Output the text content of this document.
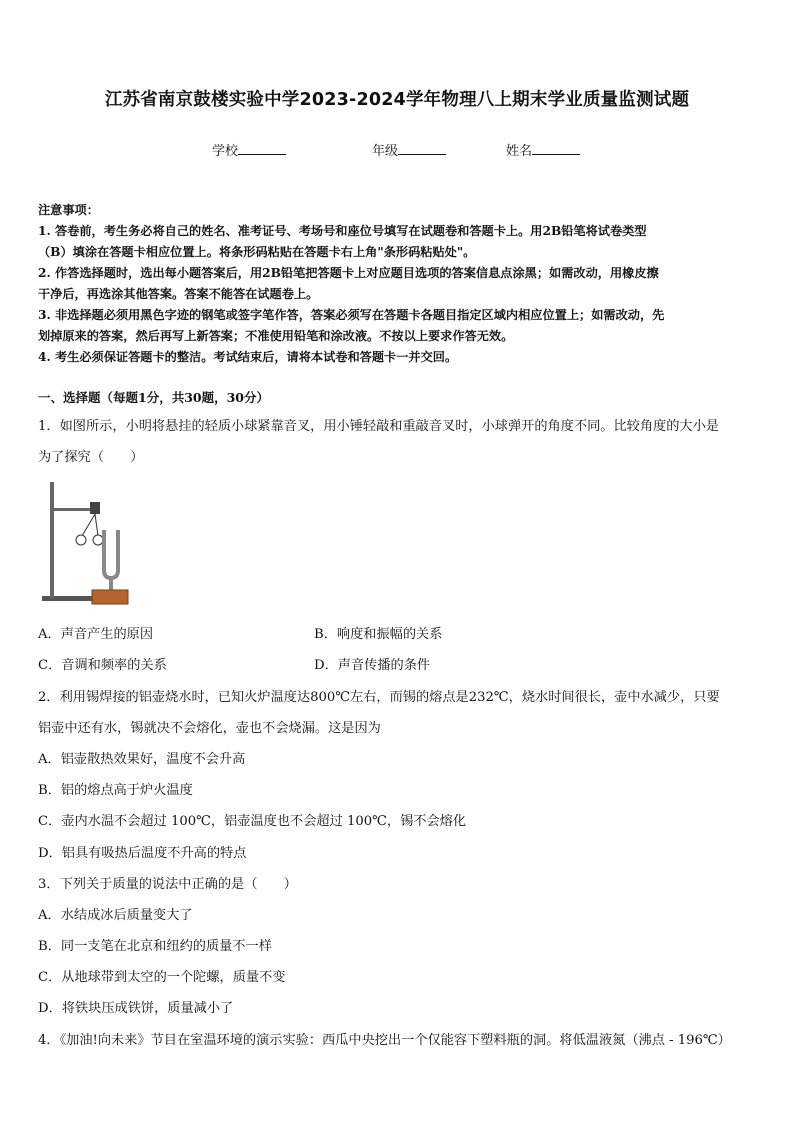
江苏省南京鼓楼实验中学2023-2024学年物理八上期末学业质量监测试题
学校	年级	姓名

注意事项：

1. 答卷前，考生务必将自己的姓名、准考证号、考场号和座位号填写在试题卷和答题卡上。用2B铅笔将试卷类型

（B）填涂在答题卡相应位置上。将条形码粘贴在答题卡右上角"条形码粘贴处"。

2. 作答选择题时，选出每小题答案后，用2B铅笔把答题卡上对应题目选项的答案信息点涂黑；如需改动，用橡皮擦

干净后，再选涂其他答案。答案不能答在试题卷上。

3. 非选择题必须用黑色字迹的钢笔或签字笔作答，答案必须写在答题卡各题目指定区域内相应位置上；如需改动，先

划掉原来的答案，然后再写上新答案；不准使用铅笔和涂改液。不按以上要求作答无效。

4. 考生必须保证答题卡的整洁。考试结束后，请将本试卷和答题卡一并交回。

一、选择题（每题1分，共30题，30分）
1．如图所示，小明将悬挂的轻质小球紧靠音叉，用小锤轻敲和重敲音叉时，小球弹开的角度不同。比较角度的大小是
为了探究（　　）
A．声音产生的原因	B．响度和振幅的关系
C．音调和频率的关系	D．声音传播的条件
2．利用锡焊接的铝壶烧水时，已知火炉温度达800℃左右，而锡的熔点是232℃，烧水时间很长，壶中水减少，只要
铝壶中还有水，锡就决不会熔化，壶也不会烧漏。这是因为
A．铝壶散热效果好，温度不会升高
B．铝的熔点高于炉火温度
C．壶内水温不会超过 100℃，铝壶温度也不会超过 100℃，锡不会熔化
D．铝具有吸热后温度不升高的特点
3．下列关于质量的说法中正确的是（　　）
A．水结成冰后质量变大了
B．同一支笔在北京和纽约的质量不一样
C．从地球带到太空的一个陀螺，质量不变
D．将铁块压成铁饼，质量减小了
4．《加油!向未来》节目在室温环境的演示实验：西瓜中央挖出一个仅能容下塑料瓶的洞。将低温液氮（沸点 - 196℃）
